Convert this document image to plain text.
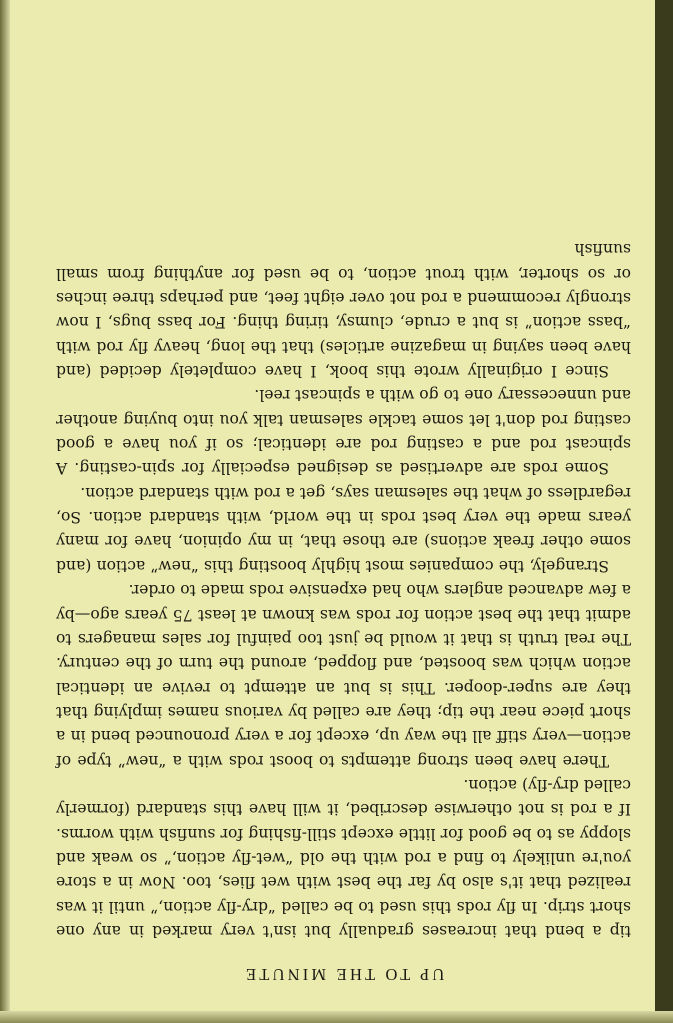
UP TO THE MINUTE

tip a bend that increases gradually but isn't very marked in any one short strip. In fly rods this used to be called “dry-fly action,” until it was realized that it's also by far the best with wet flies, too. Now in a store you're unlikely to find a rod with the old “wet-fly action,” so weak and sloppy as to be good for little except still-fishing for sunfish with worms. If a rod is not otherwise described, it will have this standard (formerly called dry-fly) action.

There have been strong attempts to boost rods with a “new” type of action—very stiff all the way up, except for a very pronounced bend in a short piece near the tip; they are called by various names implying that they are super-dooper. This is but an attempt to revive an identical action which was boosted, and flopped, around the turn of the century. The real truth is that it would be just too painful for sales managers to admit that the best action for rods was known at least 75 years ago—by a few advanced anglers who had expensive rods made to order.

Strangely, the companies most highly boosting this “new” action (and some other freak actions) are those that, in my opinion, have for many years made the very best rods in the world, with standard action. So, regardless of what the salesman says, get a rod with standard action.

Some rods are advertised as designed especially for spin-casting. A spincast rod and a casting rod are identical; so if you have a good casting rod don't let some tackle salesman talk you into buying another and unnecessary one to go with a spincast reel.

Since I originally wrote this book, I have completely decided (and have been saying in magazine articles) that the long, heavy fly rod with “bass action” is but a crude, clumsy, tiring thing. For bass bugs, I now strongly recommend a rod not over eight feet, and perhaps three inches or so shorter, with trout action, to be used for anything from small sunfish
